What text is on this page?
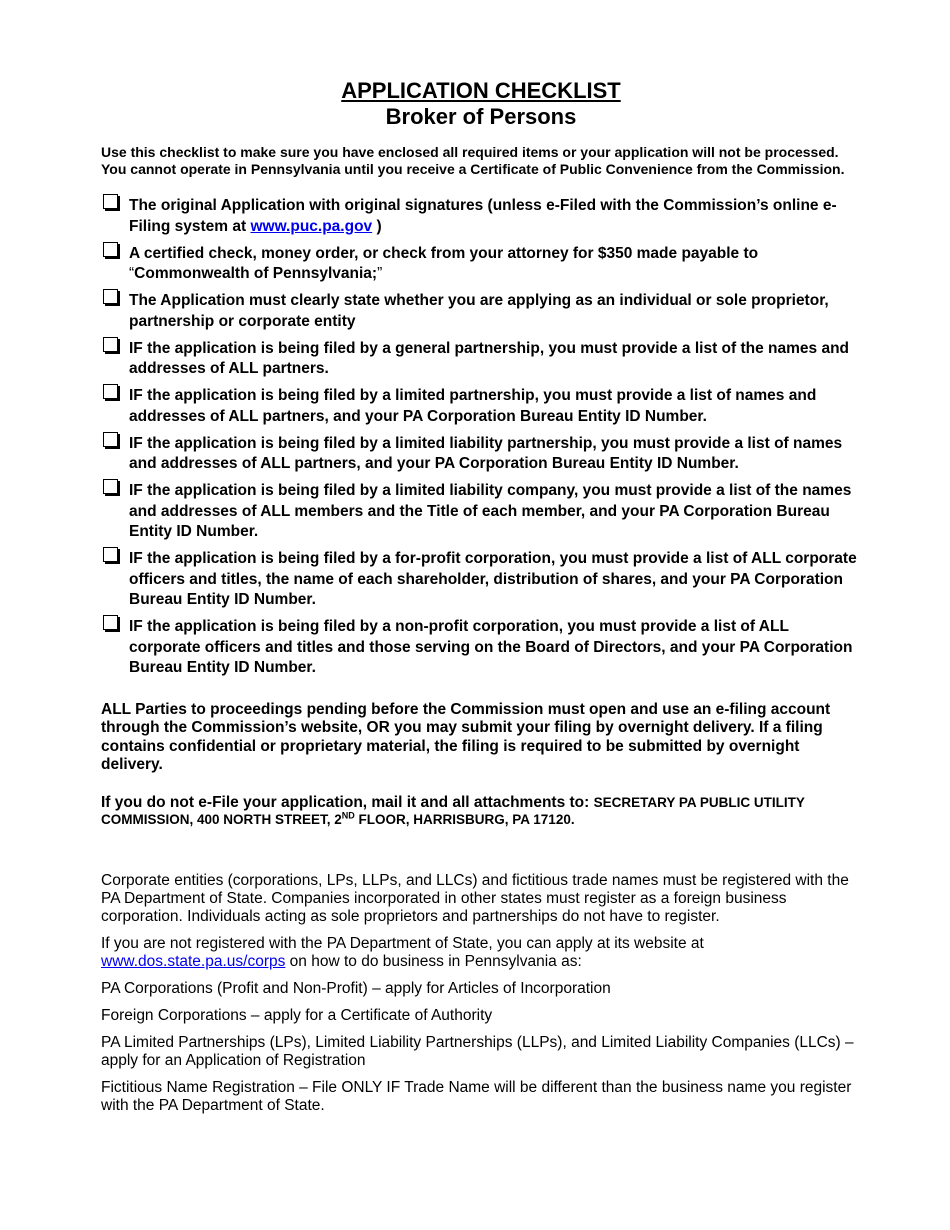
APPLICATION CHECKLIST
Broker of Persons
Use this checklist to make sure you have enclosed all required items or your application will not be processed.
You cannot operate in Pennsylvania until you receive a Certificate of Public Convenience from the Commission.
The original Application with original signatures (unless e-Filed with the Commission’s online e-Filing system at www.puc.pa.gov )
A certified check, money order, or check from your attorney for $350 made payable to
“Commonwealth of Pennsylvania;”
The Application must clearly state whether you are applying as an individual or sole proprietor, partnership or corporate entity
IF the application is being filed by a general partnership, you must provide a list of the names and addresses of ALL partners.
IF the application is being filed by a limited partnership, you must provide a list of names and addresses of ALL partners, and your PA Corporation Bureau Entity ID Number.
IF the application is being filed by a limited liability partnership, you must provide a list of names and addresses of ALL partners, and your PA Corporation Bureau Entity ID Number.
IF the application is being filed by a limited liability company, you must provide a list of the names and addresses of ALL members and the Title of each member, and your PA Corporation Bureau Entity ID Number.
IF the application is being filed by a for-profit corporation, you must provide a list of ALL corporate officers and titles, the name of each shareholder, distribution of shares, and your PA Corporation Bureau Entity ID Number.
IF the application is being filed by a non-profit corporation, you must provide a list of ALL corporate officers and titles and those serving on the Board of Directors, and your PA Corporation Bureau Entity ID Number.

ALL Parties to proceedings pending before the Commission must open and use an e-filing account through the Commission’s website, OR you may submit your filing by overnight delivery. If a filing contains confidential or proprietary material, the filing is required to be submitted by overnight delivery.

If you do not e-File your application, mail it and all attachments to: SECRETARY PA PUBLIC UTILITY COMMISSION, 400 NORTH STREET, 2ND FLOOR, HARRISBURG, PA 17120.

Corporate entities (corporations, LPs, LLPs, and LLCs) and fictitious trade names must be registered with the PA Department of State. Companies incorporated in other states must register as a foreign business corporation. Individuals acting as sole proprietors and partnerships do not have to register.

If you are not registered with the PA Department of State, you can apply at its website at www.dos.state.pa.us/corps on how to do business in Pennsylvania as:

PA Corporations (Profit and Non-Profit) – apply for Articles of Incorporation

Foreign Corporations – apply for a Certificate of Authority

PA Limited Partnerships (LPs), Limited Liability Partnerships (LLPs), and Limited Liability Companies (LLCs) – apply for an Application of Registration

Fictitious Name Registration – File ONLY IF Trade Name will be different than the business name you register with the PA Department of State.
